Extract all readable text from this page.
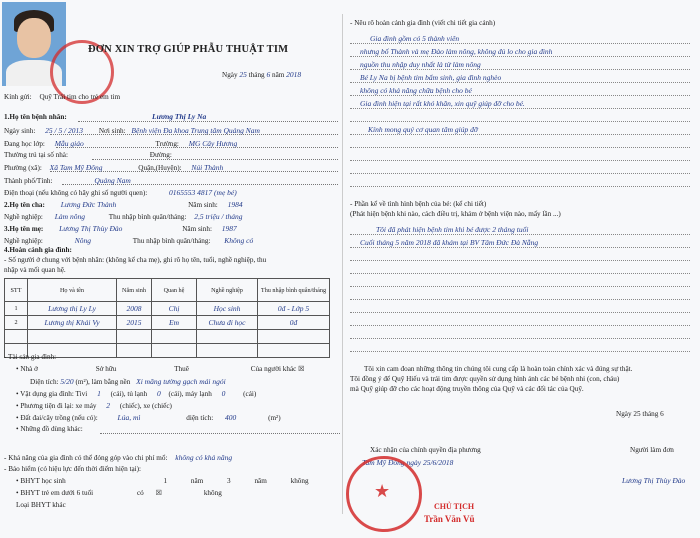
ĐƠN XIN TRỢ GIÚP PHẪU THUẬT TIM
Ngày 25 tháng 6 năm 2018
Kính gửi: Quỹ Trái tim cho trẻ em tim
1.Họ tên bệnh nhân:	Lương Thị Ly Na
Ngày sinh: 25 / 5 / 2013 Nơi sinh: Bệnh viện Đa khoa Trung tâm Quảng Nam
Đang học lớp: Mẫu giáo	Trường: MG Cây Hương
Thường trú tại số nhà:	Đường:
Phường (xã): Xã Tam Mỹ Đông	Quận,(Huyện): Núi Thành
Thành phố/Tỉnh:	Quảng Nam
Điện thoại (nếu không có hãy ghi số người quen):	0165553 4817 (mẹ bé)
2.Họ tên cha: Lương Đức Thành	Năm sinh: 1984
Nghề nghiệp: Làm nông	Thu nhập bình quân/tháng: 2,5 triệu / tháng
3.Họ tên mẹ: Lương Thị Thùy Đào	Năm sinh: 1987
Nghề nghiệp:	Nông	Thu nhập bình quân/tháng: Không có
4.Hoàn cảnh gia đình:
- Số người ở chung với bệnh nhân: (không kể cha mẹ), ghi rõ họ tên, tuổi, nghề nghiệp, thu
nhập và mối quan hệ.
STT	Họ và tên	Năm sinh	Quan hệ	Nghề nghiệp	Thu nhập bình quân/tháng
1	Lương thị Ly Ly	2008	Chị	Học sinh	0đ - Lớp 5
2	Lương thị Khải Vy	2015	Em	Chưa đi học	0đ

- Tài sản gia đình:
• Nhà ở	Sở hữu	Thuê	Của người khác ☒
Diện tích: 5/20 (m²), làm bằng nền Xi măng tường gạch mái ngói
• Vật dụng gia đình: Tivi 1 (cái), tủ lạnh 0 (cái), máy lạnh 0 (cái)
• Phương tiện đi lại: xe máy 2 (chiếc), xe (chiếc)
• Đất đai/cây trồng (nếu có):	Lúa, mì	diện tích: 400	(m²)
• Những đồ dùng khác:
- Khả năng của gia đình có thể đóng góp vào chi phí mổ: không có khả năng
- Bảo hiểm (có hiệu lực đến thời điểm hiện tại):
• BHYT học sinh	1 năm 3 năm không
• BHYT trẻ em dưới 6 tuổi	có ☒	không
Loại BHYT khác
- Nêu rõ hoàn cảnh gia đình (viết chi tiết gia cảnh)
Gia đình gồm có 5 thành viên
nhưng bố Thành và mẹ Đào làm nông, không đủ lo cho gia đình
nguồn thu nhập duy nhất là từ làm nông
Bé Ly Na bị bệnh tim bẩm sinh, gia đình nghèo
không có khả năng chữa bệnh cho bé
Gia đình hiện tại rất khó khăn, xin quỹ giúp đỡ cho bé.
Kính mong quý cơ quan tâm giúp đỡ
- Phần kể về tình hình bệnh của bé: (kể chi tiết)
(Phát hiện bệnh khi nào, cách điều trị, khám ở bệnh viện nào, mấy lần ...)
Tôi đã phát hiện bệnh tim khi bé được 2 tháng tuổi
Cuối tháng 5 năm 2018 đã khám tại BV Tâm Đức Đà Nẵng
Tôi xin cam đoan những thông tin chúng tôi cung cấp là hoàn toàn chính xác và đúng sự thật.
Tôi đồng ý để Quỹ Hiếu và trái tim được quyền sử dụng hình ảnh các bé bệnh nhi (con, cháu)
mà Quỹ giúp đỡ cho các hoạt động truyền thông của Quỹ và các đối tác của Quỹ.
Ngày 25 tháng 6
Xác nhận của chính quyền địa phương
Tam Mỹ Đông ngày 25/6/2018
Người làm đơn
Lương Thị Thùy Đào
★
CHỦ TỊCH
Trần Văn Vũ
